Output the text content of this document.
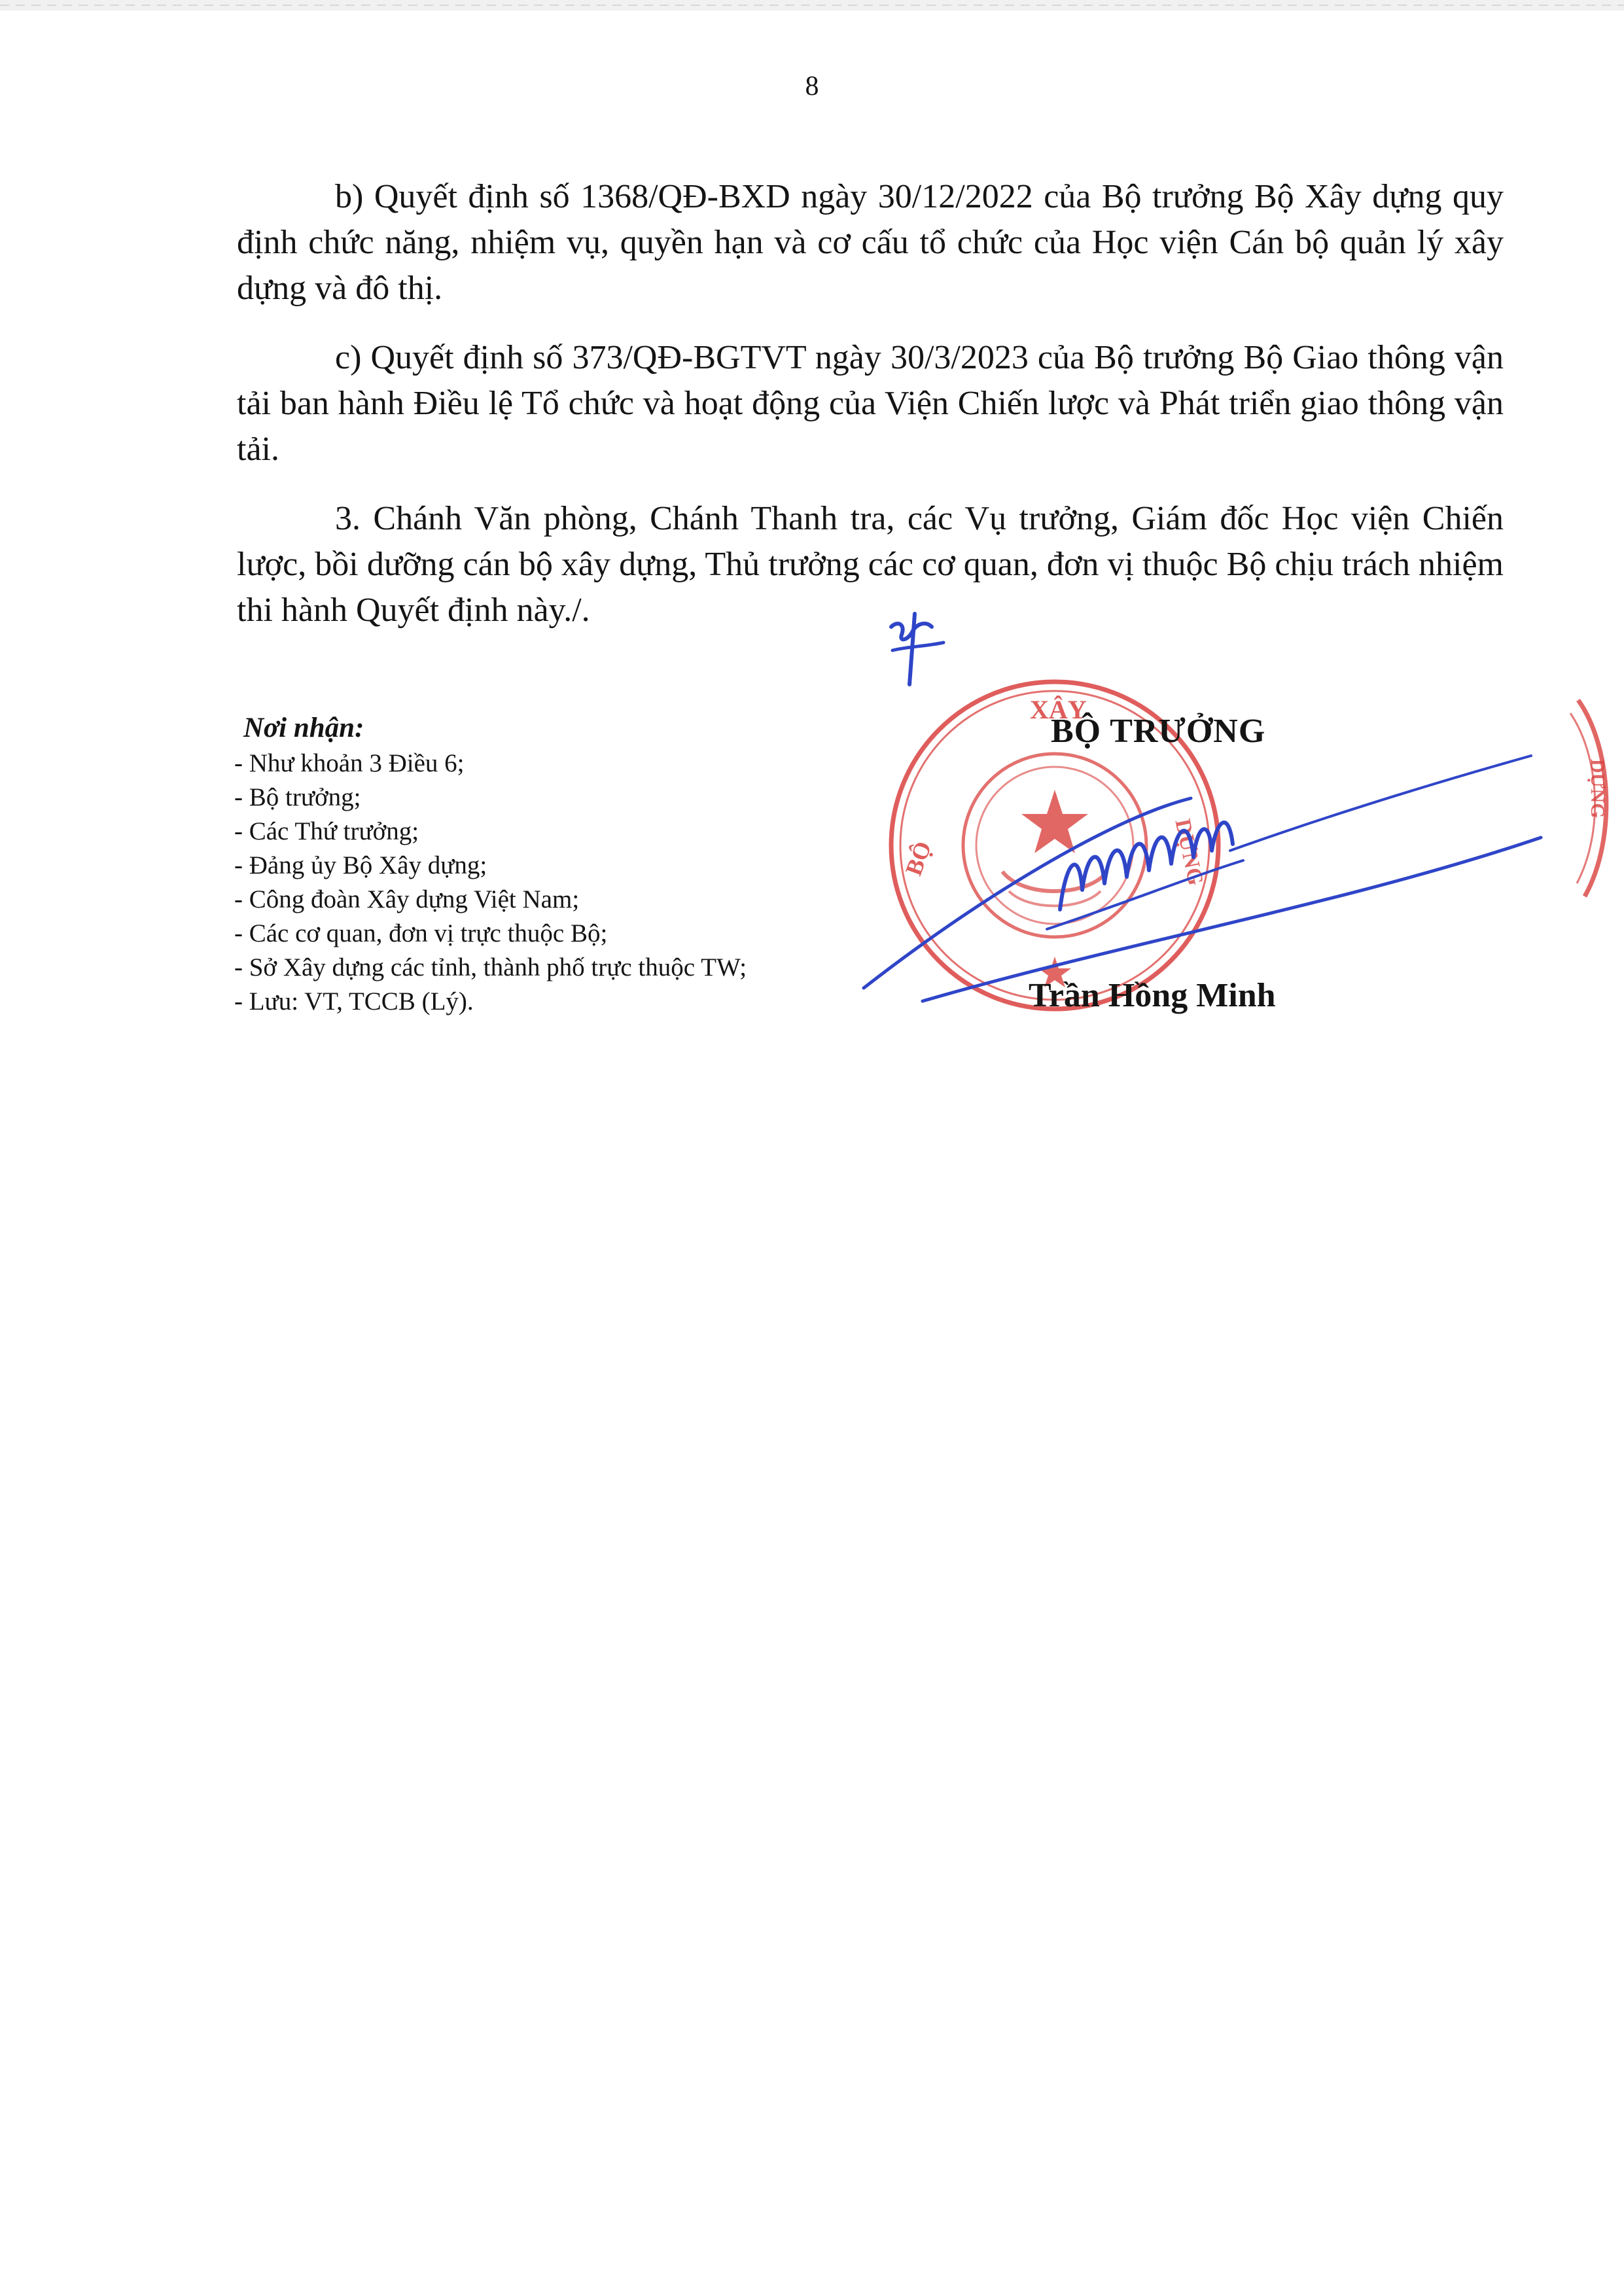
8

b) Quyết định số 1368/QĐ-BXD ngày 30/12/2022 của Bộ trưởng Bộ Xây dựng quy định chức năng, nhiệm vụ, quyền hạn và cơ cấu tổ chức của Học viện Cán bộ quản lý xây dựng và đô thị.

c) Quyết định số 373/QĐ-BGTVT ngày 30/3/2023 của Bộ trưởng Bộ Giao thông vận tải ban hành Điều lệ Tổ chức và hoạt động của Viện Chiến lược và Phát triển giao thông vận tải.

3. Chánh Văn phòng, Chánh Thanh tra, các Vụ trưởng, Giám đốc Học viện Chiến lược, bồi dưỡng cán bộ xây dựng, Thủ trưởng các cơ quan, đơn vị thuộc Bộ chịu trách nhiệm thi hành Quyết định này./.

Nơi nhận:
- Như khoản 3 Điều 6;
- Bộ trưởng;
- Các Thứ trưởng;
- Đảng ủy Bộ Xây dựng;
- Công đoàn Xây dựng Việt Nam;
- Các cơ quan, đơn vị trực thuộc Bộ;
- Sở Xây dựng các tỉnh, thành phố trực thuộc TW;
- Lưu: VT, TCCB (Lý).
XÂY
BỘ	DỰNG
DỰNG
BỘ TRƯỞNG
Trần Hồng Minh
